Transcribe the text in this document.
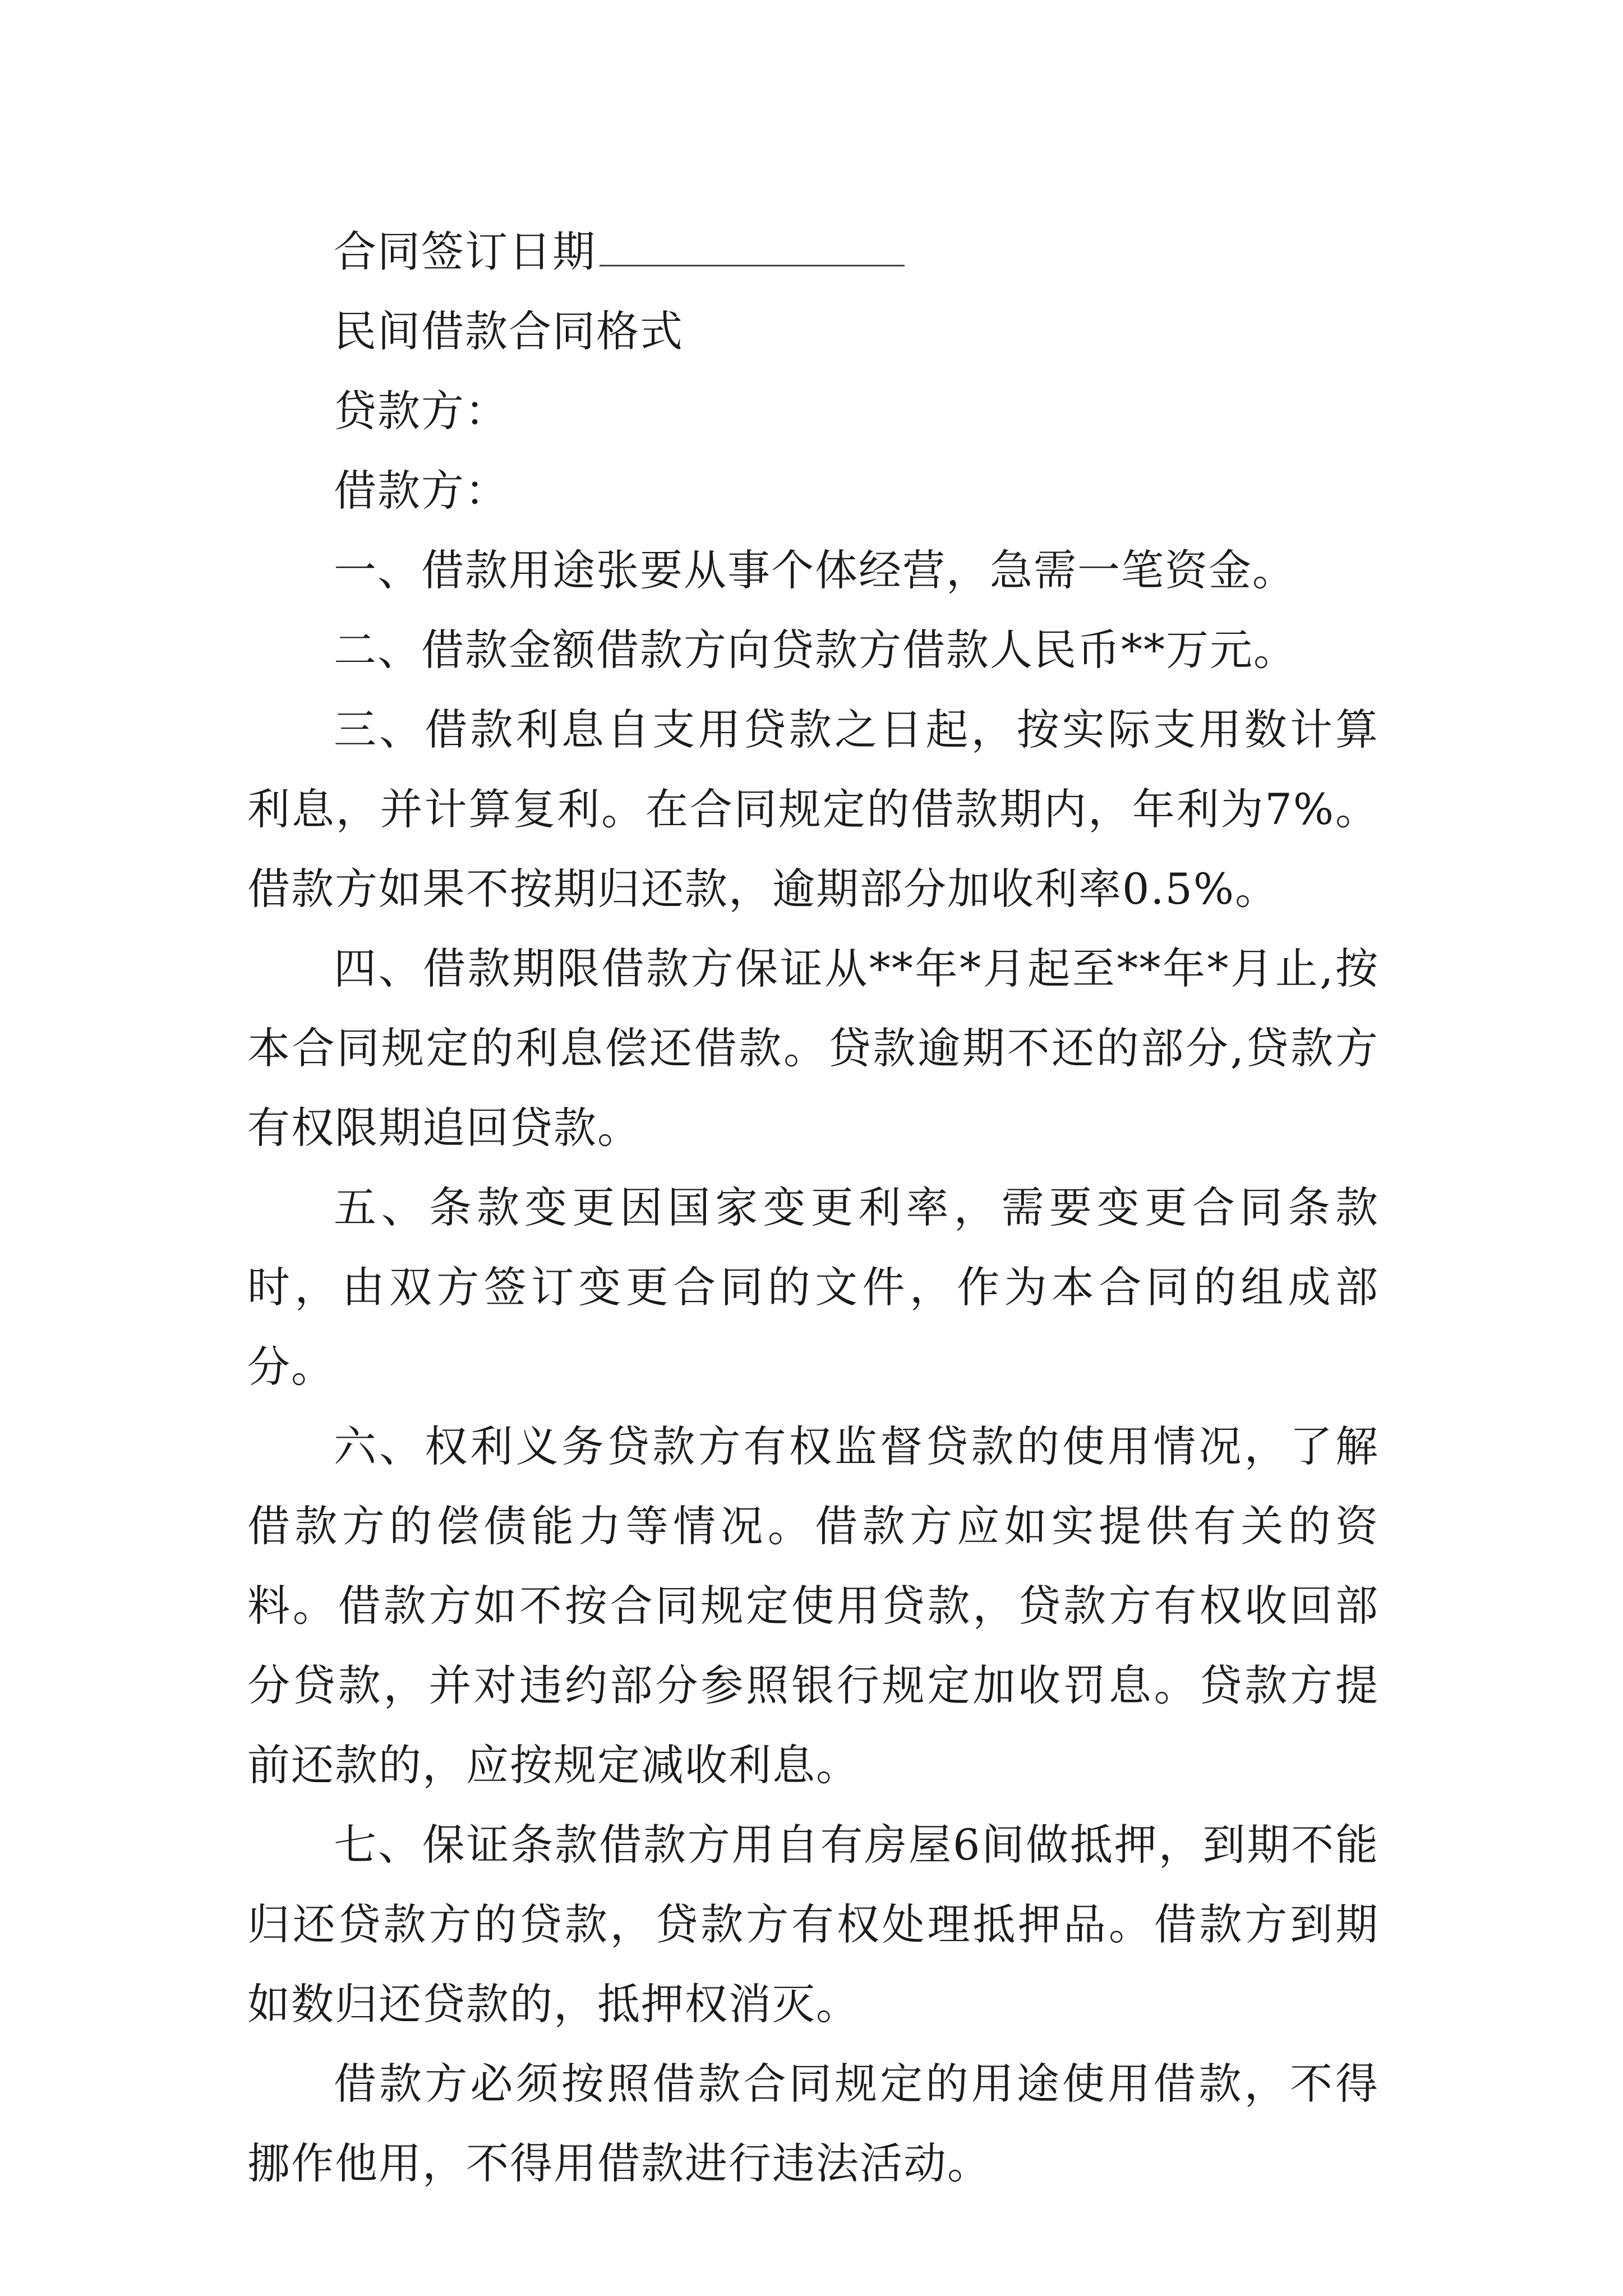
合同签订日期

民间借款合同格式

贷款方：

借款方：

一、借款用途张要从事个体经营，急需一笔资金。

二、借款金额借款方向贷款方借款人民币**万元。

三、借款利息自支用贷款之日起，按实际支用数计算利息，并计算复利。在合同规定的借款期内，年利为7%。借款方如果不按期归还款，逾期部分加收利率0.5%。

四、借款期限借款方保证从**年*月起至**年*月止,按本合同规定的利息偿还借款。贷款逾期不还的部分,贷款方有权限期追回贷款。

五、条款变更因国家变更利率，需要变更合同条款时，由双方签订变更合同的文件，作为本合同的组成部分。

六、权利义务贷款方有权监督贷款的使用情况，了解借款方的偿债能力等情况。借款方应如实提供有关的资料。借款方如不按合同规定使用贷款，贷款方有权收回部分贷款，并对违约部分参照银行规定加收罚息。贷款方提前还款的，应按规定减收利息。

七、保证条款借款方用自有房屋6间做抵押，到期不能归还贷款方的贷款，贷款方有权处理抵押品。借款方到期如数归还贷款的，抵押权消灭。

借款方必须按照借款合同规定的用途使用借款，不得挪作他用，不得用借款进行违法活动。
